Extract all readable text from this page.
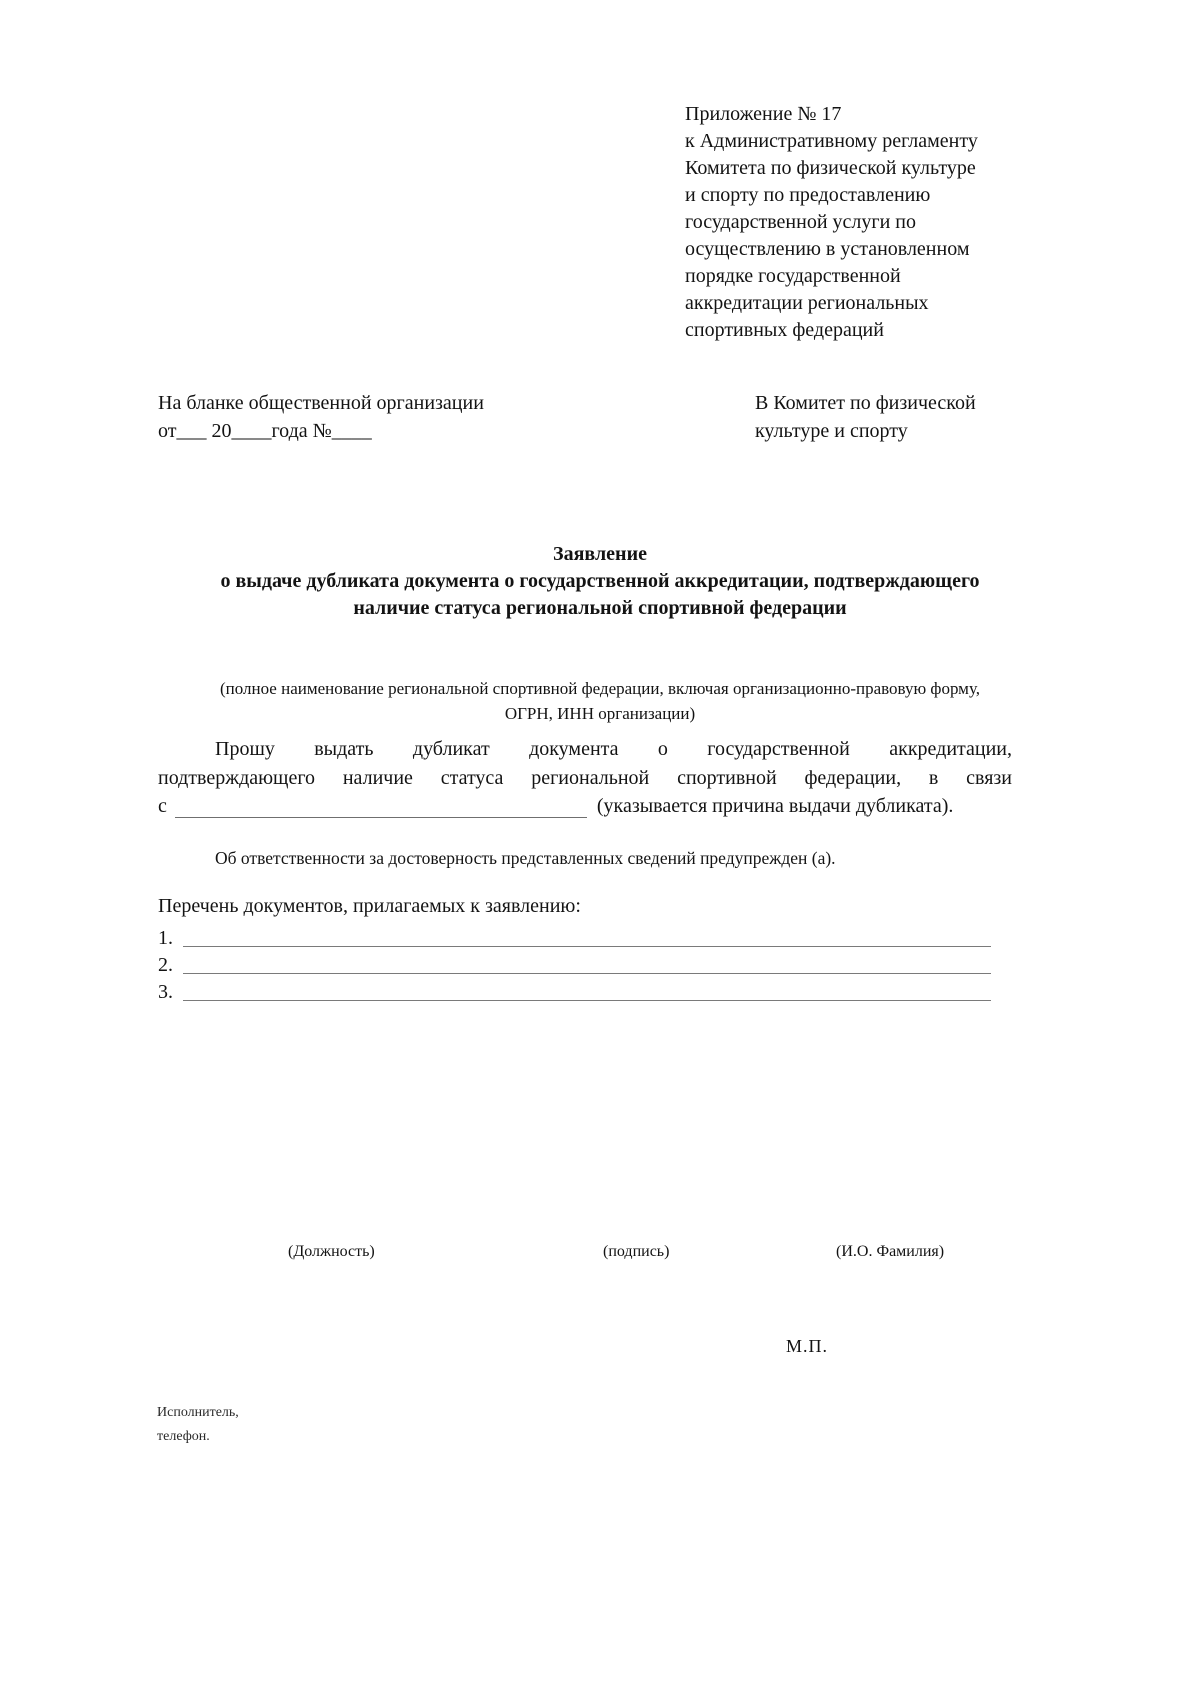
Приложение № 17
к Административному регламенту
Комитета по физической культуре
и спорту по предоставлению
государственной услуги по
осуществлению в установленном
порядке государственной
аккредитации региональных
спортивных федераций
На бланке общественной организации
от___ 20____года №____
В Комитет по физической
культуре и спорту
Заявление
о выдаче дубликата документа о государственной аккредитации, подтверждающего
наличие статуса региональной спортивной федерации
(полное наименование региональной спортивной федерации, включая организационно-правовую форму,
ОГРН, ИНН организации)
Прошу выдать дубликат документа о государственной аккредитации,
подтверждающего наличие статуса региональной спортивной федерации, в связи
с	(указывается причина выдачи дубликата).
Об ответственности за достоверность представленных сведений предупрежден (а).
Перечень документов, прилагаемых к заявлению:
1.
2.
3.
(Должность)	(подпись)	(И.О. Фамилия)
М.П.
Исполнитель,
телефон.
